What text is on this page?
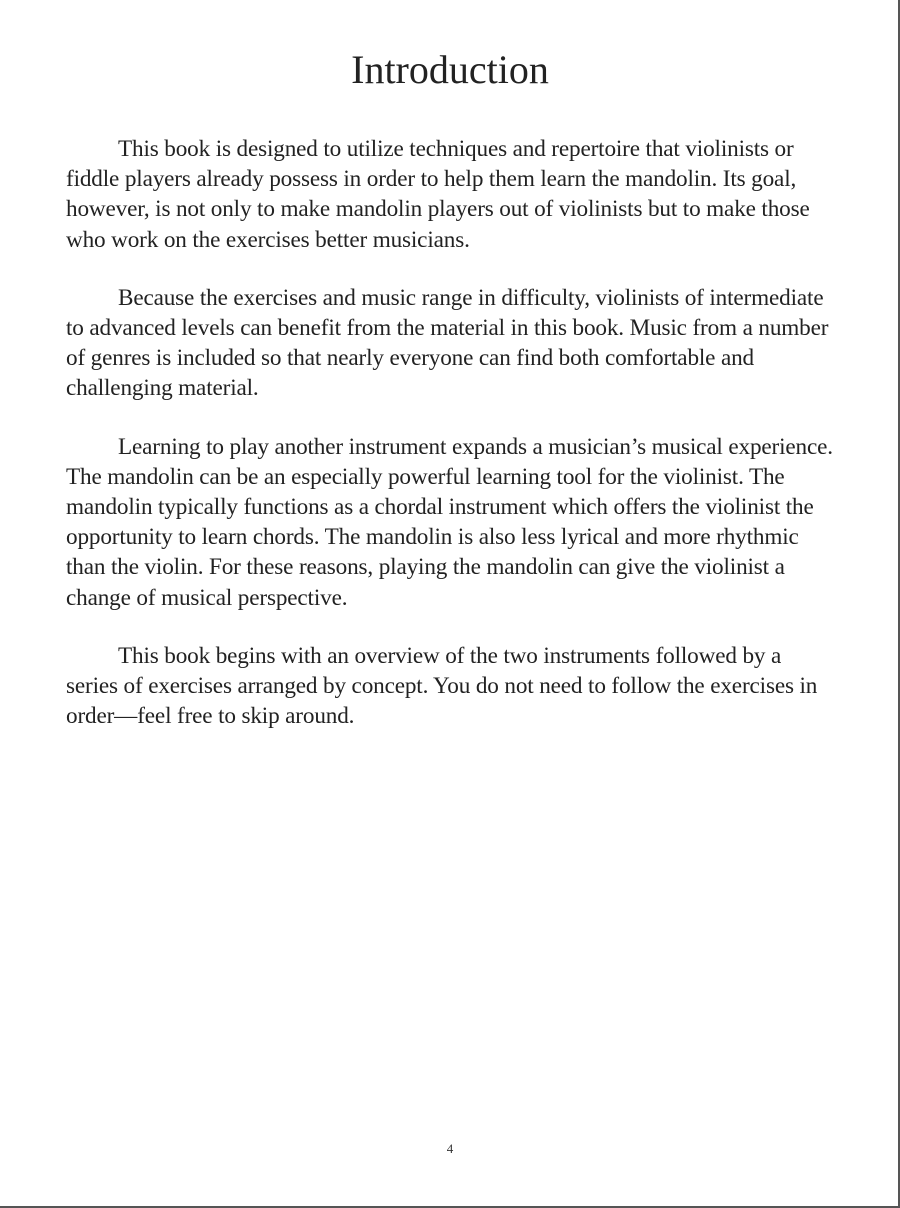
Introduction

This book is designed to utilize techniques and repertoire that violinists or fiddle players already possess in order to help them learn the mandolin. Its goal, however, is not only to make mandolin players out of violinists but to make those who work on the exercises better musicians.

Because the exercises and music range in difficulty, violinists of intermediate to advanced levels can benefit from the material in this book. Music from a number of genres is included so that nearly everyone can find both comfortable and challenging material.

Learning to play another instrument expands a musician’s musical experience. The mandolin can be an especially powerful learning tool for the violinist. The mandolin typically functions as a chordal instrument which offers the violinist the opportunity to learn chords. The mandolin is also less lyrical and more rhythmic than the violin. For these reasons, playing the mandolin can give the violinist a change of musical perspective.

This book begins with an overview of the two instruments followed by a series of exercises arranged by concept. You do not need to follow the exercises in order—feel free to skip around.

4
